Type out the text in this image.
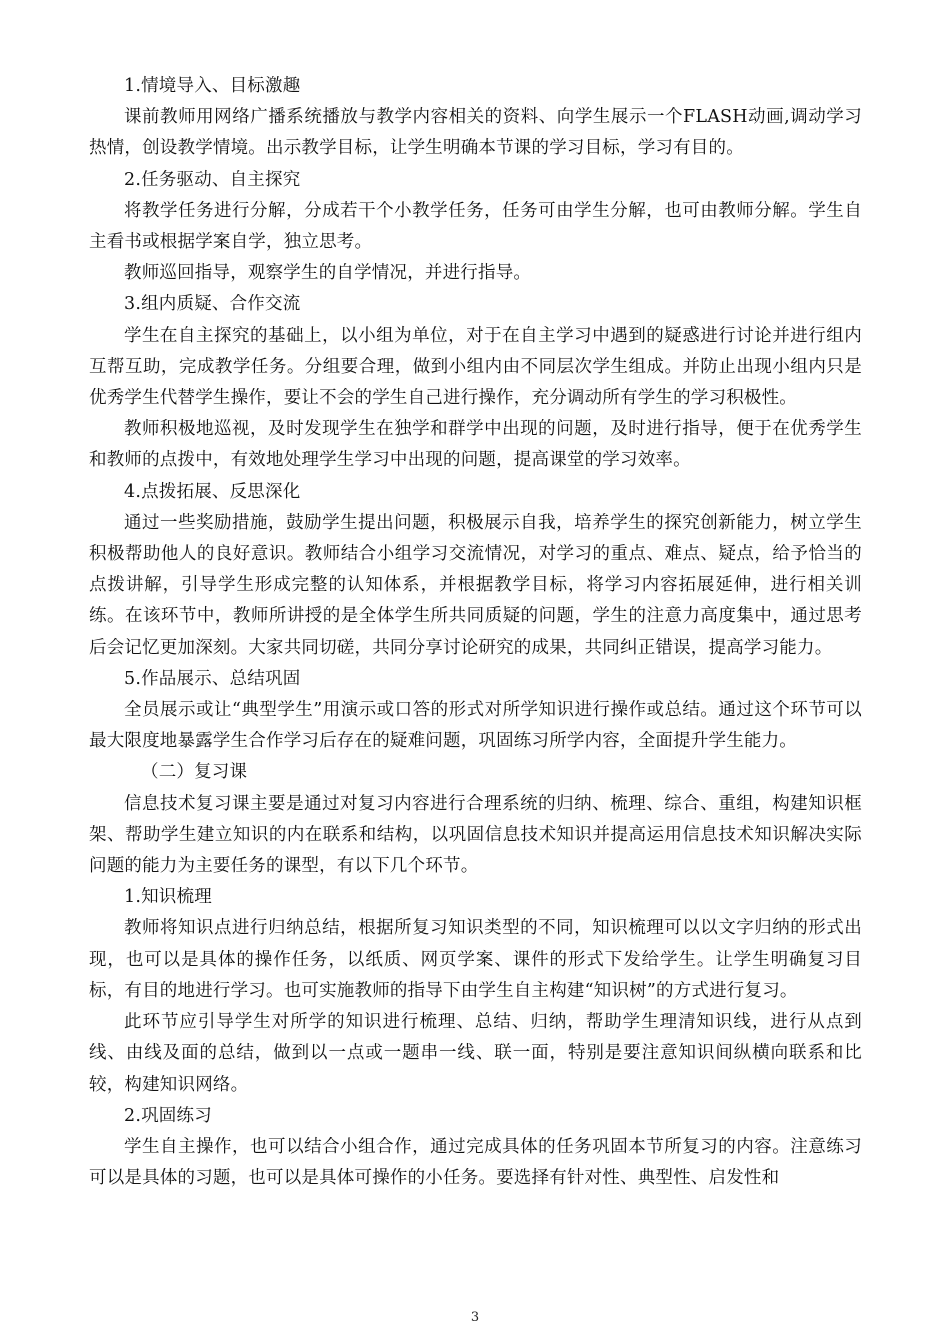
1.情境导入、目标激趣

课前教师用网络广播系统播放与教学内容相关的资料、向学生展示一个FLASH动画,调动学习热情，创设教学情境。出示教学目标，让学生明确本节课的学习目标，学习有目的。

2.任务驱动、自主探究

将教学任务进行分解，分成若干个小教学任务，任务可由学生分解，也可由教师分解。学生自主看书或根据学案自学，独立思考。

教师巡回指导，观察学生的自学情况，并进行指导。

3.组内质疑、合作交流

学生在自主探究的基础上，以小组为单位，对于在自主学习中遇到的疑惑进行讨论并进行组内互帮互助，完成教学任务。分组要合理，做到小组内由不同层次学生组成。并防止出现小组内只是优秀学生代替学生操作，要让不会的学生自己进行操作，充分调动所有学生的学习积极性。

教师积极地巡视，及时发现学生在独学和群学中出现的问题，及时进行指导，便于在优秀学生和教师的点拨中，有效地处理学生学习中出现的问题，提高课堂的学习效率。

4.点拨拓展、反思深化

通过一些奖励措施，鼓励学生提出问题，积极展示自我，培养学生的探究创新能力，树立学生积极帮助他人的良好意识。教师结合小组学习交流情况，对学习的重点、难点、疑点，给予恰当的点拨讲解，引导学生形成完整的认知体系，并根据教学目标，将学习内容拓展延伸，进行相关训练。在该环节中，教师所讲授的是全体学生所共同质疑的问题，学生的注意力高度集中，通过思考后会记忆更加深刻。大家共同切磋，共同分享讨论研究的成果，共同纠正错误，提高学习能力。

5.作品展示、总结巩固

全员展示或让“典型学生”用演示或口答的形式对所学知识进行操作或总结。通过这个环节可以最大限度地暴露学生合作学习后存在的疑难问题，巩固练习所学内容，全面提升学生能力。

（二）复习课

信息技术复习课主要是通过对复习内容进行合理系统的归纳、梳理、综合、重组，构建知识框架、帮助学生建立知识的内在联系和结构，以巩固信息技术知识并提高运用信息技术知识解决实际问题的能力为主要任务的课型，有以下几个环节。

1.知识梳理

教师将知识点进行归纳总结，根据所复习知识类型的不同，知识梳理可以以文字归纳的形式出现，也可以是具体的操作任务，以纸质、网页学案、课件的形式下发给学生。让学生明确复习目标，有目的地进行学习。也可实施教师的指导下由学生自主构建“知识树”的方式进行复习。

此环节应引导学生对所学的知识进行梳理、总结、归纳，帮助学生理清知识线，进行从点到线、由线及面的总结，做到以一点或一题串一线、联一面，特别是要注意知识间纵横向联系和比较，构建知识网络。

2.巩固练习

学生自主操作，也可以结合小组合作，通过完成具体的任务巩固本节所复习的内容。注意练习可以是具体的习题，也可以是具体可操作的小任务。要选择有针对性、典型性、启发性和

3
